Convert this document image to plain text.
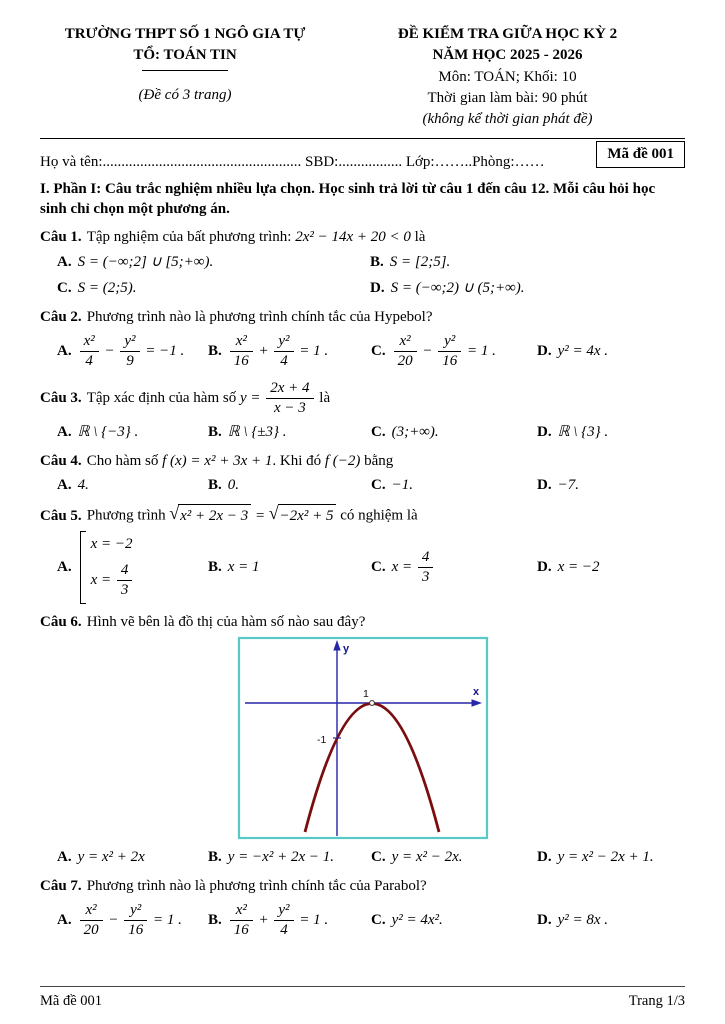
TRƯỜNG THPT SỐ 1 NGÔ GIA TỰ
TỔ: TOÁN TIN
(Đề có 3 trang)
ĐỀ KIỂM TRA GIỮA HỌC KỲ 2
NĂM HỌC 2025 - 2026
Môn: TOÁN; Khối: 10
Thời gian làm bài: 90 phút
(không kể thời gian phát đề)
Họ và tên:..................................................... SBD:................. Lớp:……..Phòng:……	Mã đề 001

I. Phần I: Câu trắc nghiệm nhiều lựa chọn. Học sinh trả lời từ câu 1 đến câu 12. Mỗi câu hỏi học sinh chỉ chọn một phương án.

Câu 1. Tập nghiệm của bất phương trình: 2x² − 14x + 20 < 0 là

A. S = (−∞;2] ∪ [5;+∞).	B. S = [2;5].
C. S = (2;5).	D. S = (−∞;2) ∪ (5;+∞).

Câu 2. Phương trình nào là phương trình chính tắc của Hypebol?

A. $\frac{\text{x²}}{4} - \frac{\text{y²}}{9} = -1$ .	B. $\frac{\text{x²}}{16} + \frac{\text{y²}}{4} = 1$ .	C. $\frac{\text{x²}}{20} - \frac{\text{y²}}{16} = 1$ .	D. y² = 4x .

Câu 3. Tập xác định của hàm số $y = \frac{2x + 4}{x - 3}$ là

A. ℝ \ {−3} .	B. ℝ \ {±3} .	C. (3;+∞).	D. ℝ \ {3} .

Câu 4. Cho hàm số f (x) = x² + 3x + 1. Khi đó f (−2) bằng

A. 4.	B. 0.	C. −1.	D. −7.

Câu 5. Phương trình √ x² + 2x − 3 = √ −2x² + 5 có nghiệm là

A.
x = −2
$x = \frac{4}{3}$	B. x = 1	C. $x = \frac{4}{3}$	D. x = −2

Câu 6. Hình vẽ bên là đồ thị của hàm số nào sau đây?

y
x
1
-1
A. y = x² + 2x	B. y = −x² + 2x − 1.	C. y = x² − 2x.	D. y = x² − 2x + 1.

Câu 7. Phương trình nào là phương trình chính tắc của Parabol?

A. $\frac{\text{x²}}{20} - \frac{\text{y²}}{16} = 1$ .	B. $\frac{\text{x²}}{16} + \frac{\text{y²}}{4} = 1$ .	C. y² = 4x².	D. y² = 8x .
Mã đề 001	Trang 1/3
